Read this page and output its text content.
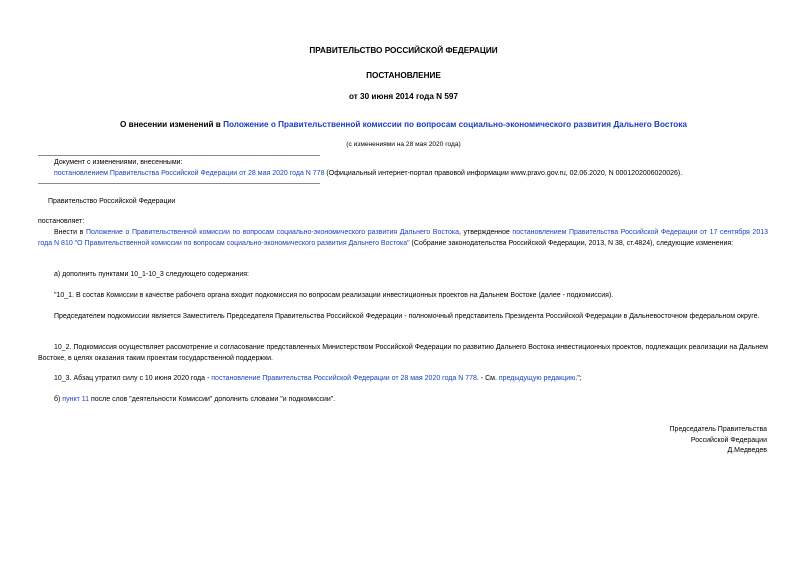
ПРАВИТЕЛЬСТВО РОССИЙСКОЙ ФЕДЕРАЦИИ
ПОСТАНОВЛЕНИЕ
от 30 июня 2014 года N 597
О внесении изменений в Положение о Правительственной комиссии по вопросам социально-экономического развития Дальнего Востока
(с изменениями на 28 мая 2020 года)
Документ с изменениями, внесенными:
постановлением Правительства Российской Федерации от 28 мая 2020 года N 778 (Официальный интернет-портал правовой информации www.pravo.gov.ru, 02.06.2020, N 0001202006020026).
Правительство Российской Федерации
постановляет:
Внести в Положение о Правительственной комиссии по вопросам социально-экономического развития Дальнего Востока, утвержденное постановлением Правительства Российской Федерации от 17 сентября 2013 года N 810 "О Правительственной комиссии по вопросам социально-экономического развития Дальнего Востока" (Собрание законодательства Российской Федерации, 2013, N 38, ст.4824), следующие изменения:
а) дополнить пунктами 10_1-10_3 следующего содержания:
"10_1. В состав Комиссии в качестве рабочего органа входит подкомиссия по вопросам реализации инвестиционных проектов на Дальнем Востоке (далее - подкомиссия).
Председателем подкомиссии является Заместитель Председателя Правительства Российской Федерации - полномочный представитель Президента Российской Федерации в Дальневосточном федеральном округе.
10_2. Подкомиссия осуществляет рассмотрение и согласование представленных Министерством Российской Федерации по развитию Дальнего Востока инвестиционных проектов, подлежащих реализации на Дальнем Востоке, в целях оказания таким проектам государственной поддержки.
10_3. Абзац утратил силу с 10 июня 2020 года - постановление Правительства Российской Федерации от 28 мая 2020 года N 778. - См. предыдущую редакцию.";
б) пункт 11 после слов "деятельности Комиссии" дополнить словами "и подкомиссии".
Председатель Правительства
Российской Федерации
Д.Медведев
